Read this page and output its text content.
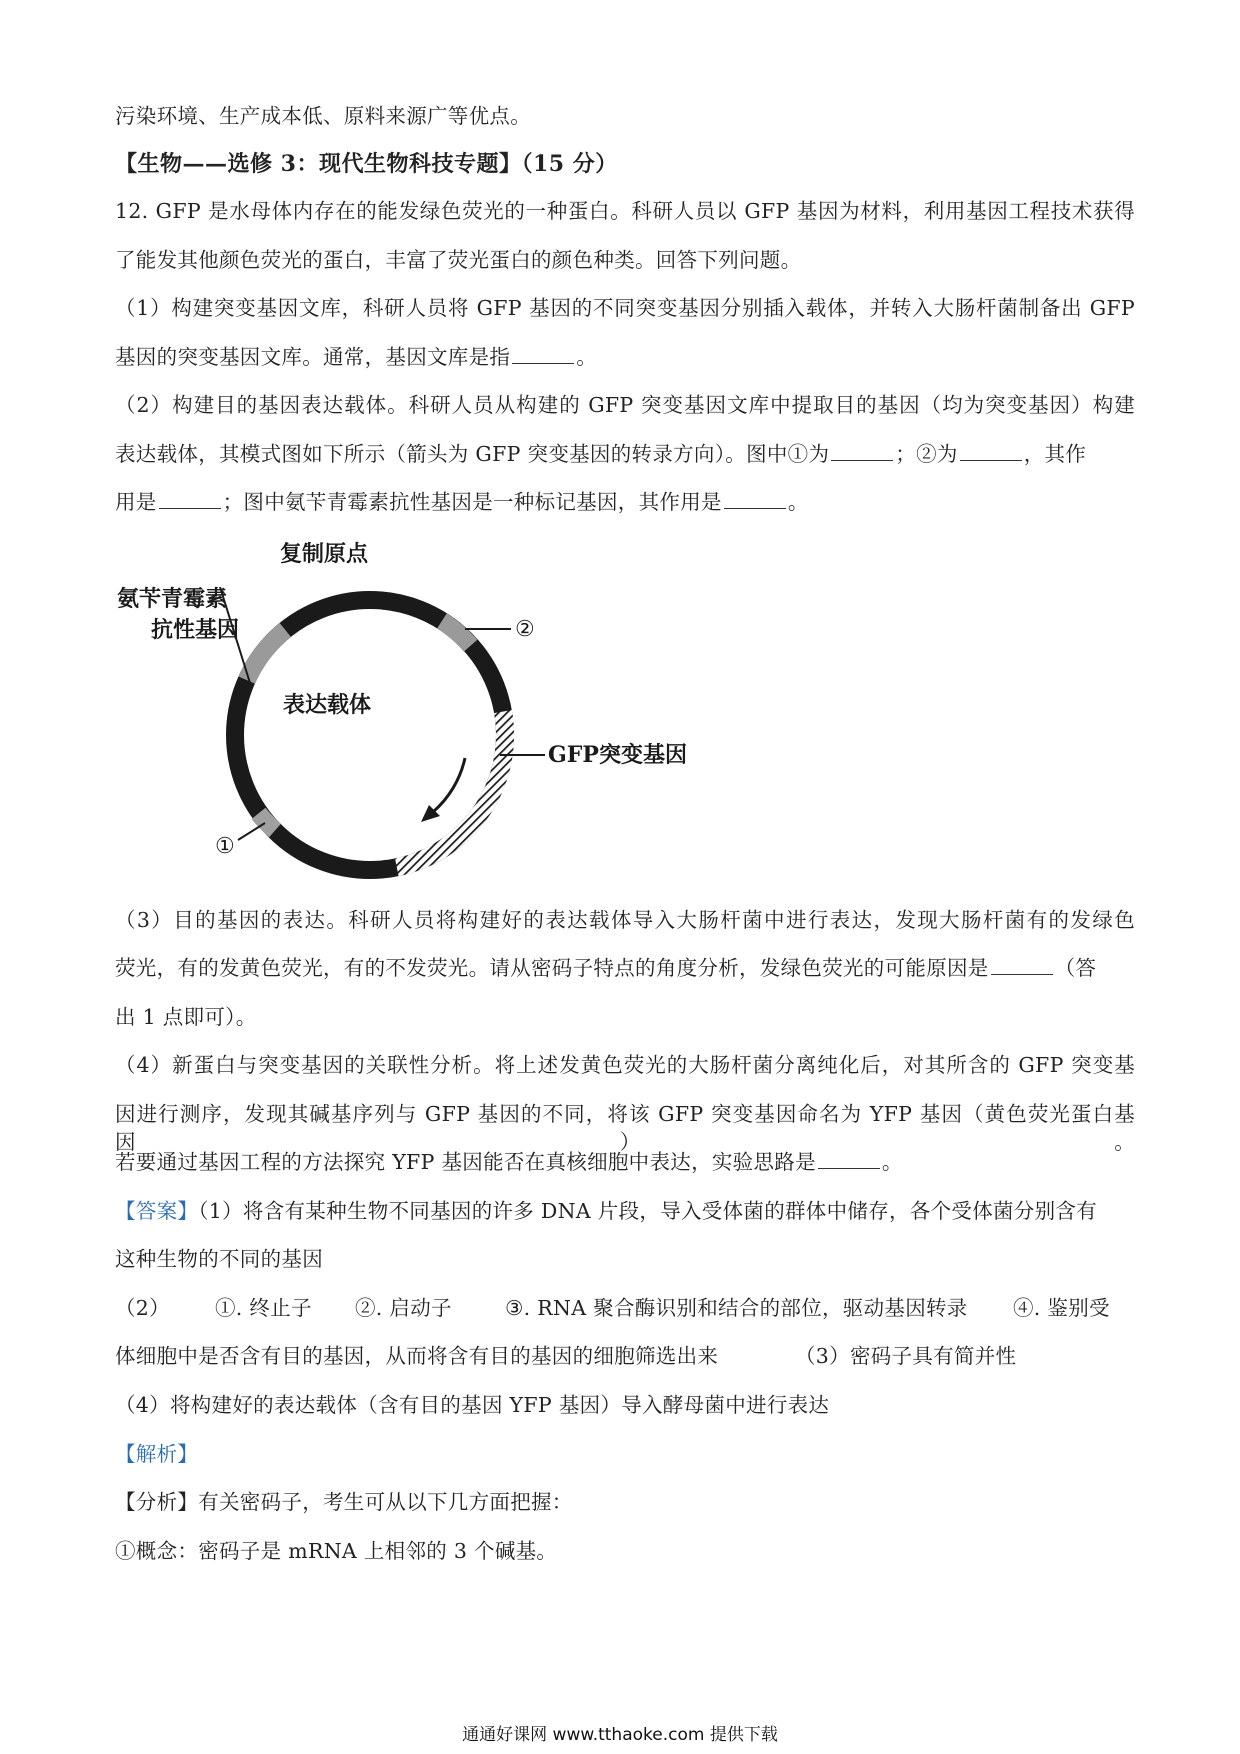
污染环境、生产成本低、原料来源广等优点。
【生物——选修 3：现代生物科技专题】（15 分）
12. GFP 是水母体内存在的能发绿色荧光的一种蛋白。科研人员以 GFP 基因为材料，利用基因工程技术获得
了能发其他颜色荧光的蛋白，丰富了荧光蛋白的颜色种类。回答下列问题。
（1）构建突变基因文库，科研人员将 GFP 基因的不同突变基因分别插入载体，并转入大肠杆菌制备出 GFP
基因的突变基因文库。通常，基因文库是指	。
（2）构建目的基因表达载体。科研人员从构建的 GFP 突变基因文库中提取目的基因（均为突变基因）构建
表达载体，其模式图如下所示（箭头为 GFP 突变基因的转录方向）。图中①为	；②为	，其作
用是	；图中氨苄青霉素抗性基因是一种标记基因，其作用是	。
复制原点
氨苄青霉素
抗性基因
表达载体
②
GFP突变基因
①
（3）目的基因的表达。科研人员将构建好的表达载体导入大肠杆菌中进行表达，发现大肠杆菌有的发绿色
荧光，有的发黄色荧光，有的不发荧光。请从密码子特点的角度分析，发绿色荧光的可能原因是	（答
出 1 点即可）。
（4）新蛋白与突变基因的关联性分析。将上述发黄色荧光的大肠杆菌分离纯化后，对其所含的 GFP 突变基
因进行测序，发现其碱基序列与 GFP 基因的不同，将该 GFP 突变基因命名为 YFP 基因（黄色荧光蛋白基因）。
若要通过基因工程的方法探究 YFP 基因能否在真核细胞中表达，实验思路是	。
【答案】（1）将含有某种生物不同基因的许多 DNA 片段，导入受体菌的群体中储存，各个受体菌分别含有
这种生物的不同的基因
（2） ①. 终止子 ②. 启动子	③. RNA 聚合酶识别和结合的部位，驱动基因转录 ④. 鉴别受
体细胞中是否含有目的基因，从而将含有目的基因的细胞筛选出来	（3）密码子具有简并性
（4）将构建好的表达载体（含有目的基因 YFP 基因）导入酵母菌中进行表达
【解析】
【分析】有关密码子，考生可从以下几方面把握：
①概念：密码子是 mRNA 上相邻的 3 个碱基。
通通好课网 www.tthaoke.com 提供下载
